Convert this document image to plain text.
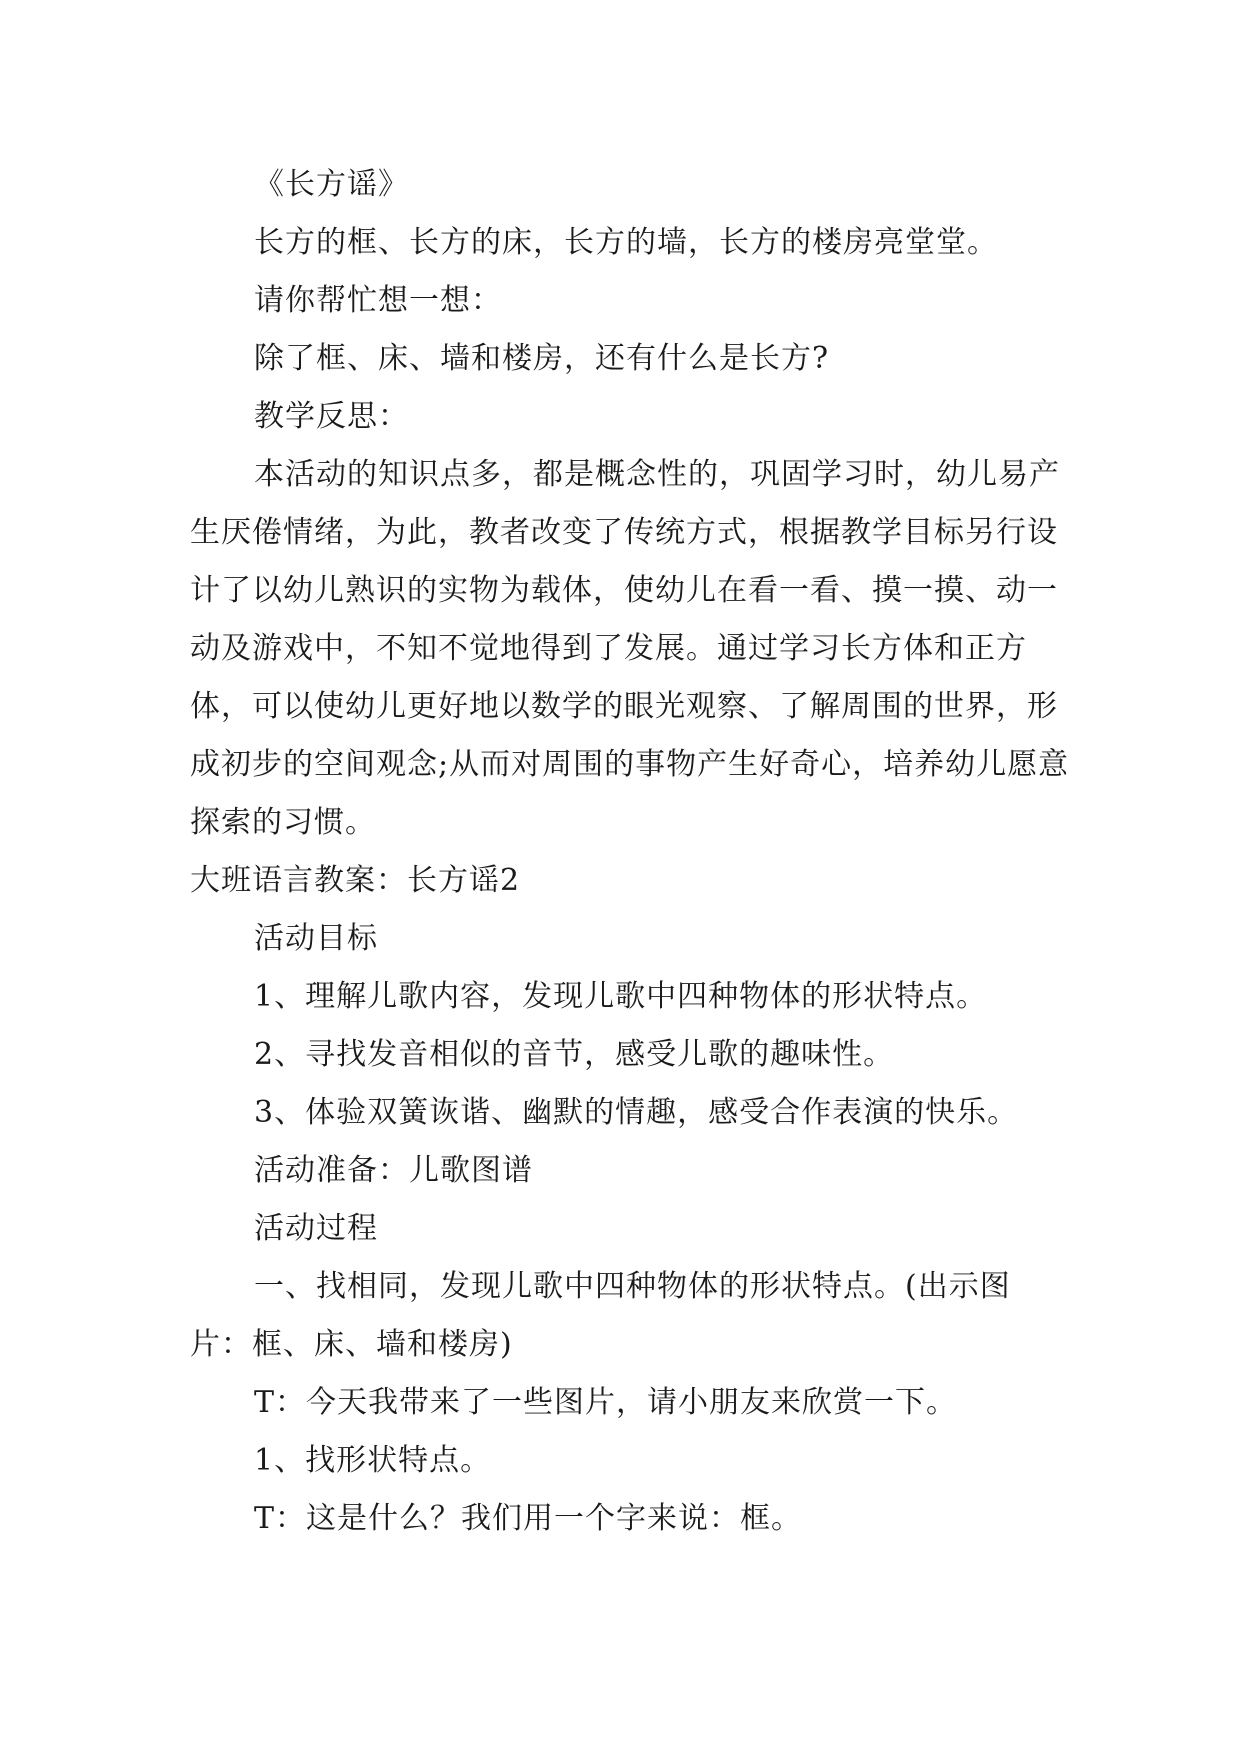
《长方谣》

长方的框、长方的床，长方的墙，长方的楼房亮堂堂。

请你帮忙想一想：

除了框、床、墙和楼房，还有什么是长方?

教学反思：

本活动的知识点多，都是概念性的，巩固学习时，幼儿易产生厌倦情绪，为此，教者改变了传统方式，根据教学目标另行设计了以幼儿熟识的实物为载体，使幼儿在看一看、摸一摸、动一动及游戏中，不知不觉地得到了发展。通过学习长方体和正方体，可以使幼儿更好地以数学的眼光观察、了解周围的世界，形成初步的空间观念;从而对周围的事物产生好奇心，培养幼儿愿意探索的习惯。

大班语言教案：长方谣2

活动目标

1、理解儿歌内容，发现儿歌中四种物体的形状特点。

2、寻找发音相似的音节，感受儿歌的趣味性。

3、体验双簧诙谐、幽默的情趣，感受合作表演的快乐。

活动准备：儿歌图谱

活动过程

一、找相同，发现儿歌中四种物体的形状特点。(出示图片：框、床、墙和楼房)

T：今天我带来了一些图片，请小朋友来欣赏一下。

1、找形状特点。

T：这是什么？我们用一个字来说：框。
